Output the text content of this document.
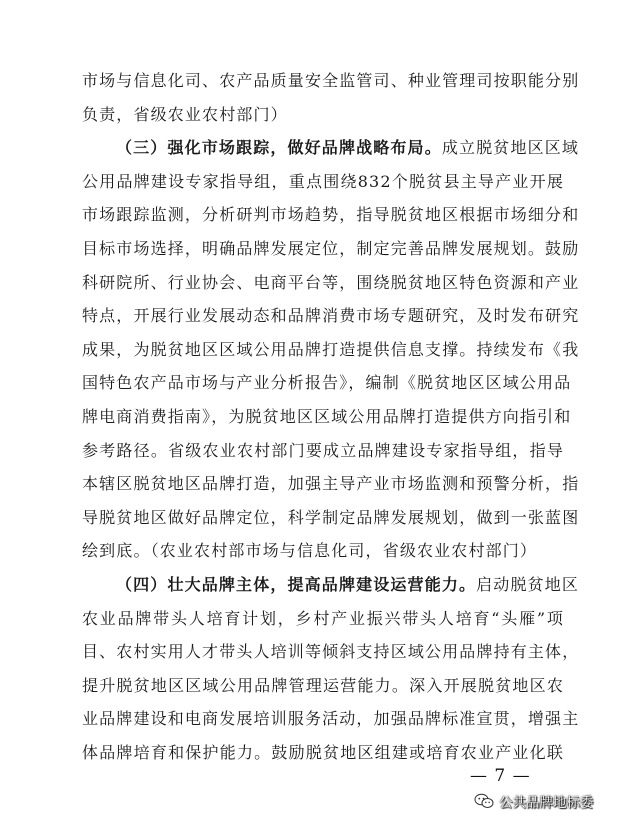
市场与信息化司、农产品质量安全监管司、种业管理司按职能分别
负责，省级农业农村部门）
（三）强化市场跟踪，做好品牌战略布局。成立脱贫地区区域
公用品牌建设专家指导组，重点围绕832个脱贫县主导产业开展
市场跟踪监测，分析研判市场趋势，指导脱贫地区根据市场细分和
目标市场选择，明确品牌发展定位，制定完善品牌发展规划。鼓励
科研院所、行业协会、电商平台等，围绕脱贫地区特色资源和产业
特点，开展行业发展动态和品牌消费市场专题研究，及时发布研究
成果，为脱贫地区区域公用品牌打造提供信息支撑。持续发布《我
国特色农产品市场与产业分析报告》，编制《脱贫地区区域公用品
牌电商消费指南》，为脱贫地区区域公用品牌打造提供方向指引和
参考路径。省级农业农村部门要成立品牌建设专家指导组，指导
本辖区脱贫地区品牌打造，加强主导产业市场监测和预警分析，指
导脱贫地区做好品牌定位，科学制定品牌发展规划，做到一张蓝图
绘到底。（农业农村部市场与信息化司，省级农业农村部门）
（四）壮大品牌主体，提高品牌建设运营能力。启动脱贫地区
农业品牌带头人培育计划，乡村产业振兴带头人培育“头雁”项
目、农村实用人才带头人培训等倾斜支持区域公用品牌持有主体，
提升脱贫地区区域公用品牌管理运营能力。深入开展脱贫地区农
业品牌建设和电商发展培训服务活动，加强品牌标准宣贯，增强主
体品牌培育和保护能力。鼓励脱贫地区组建或培育农业产业化联
— 7 —
公共品牌地标委
